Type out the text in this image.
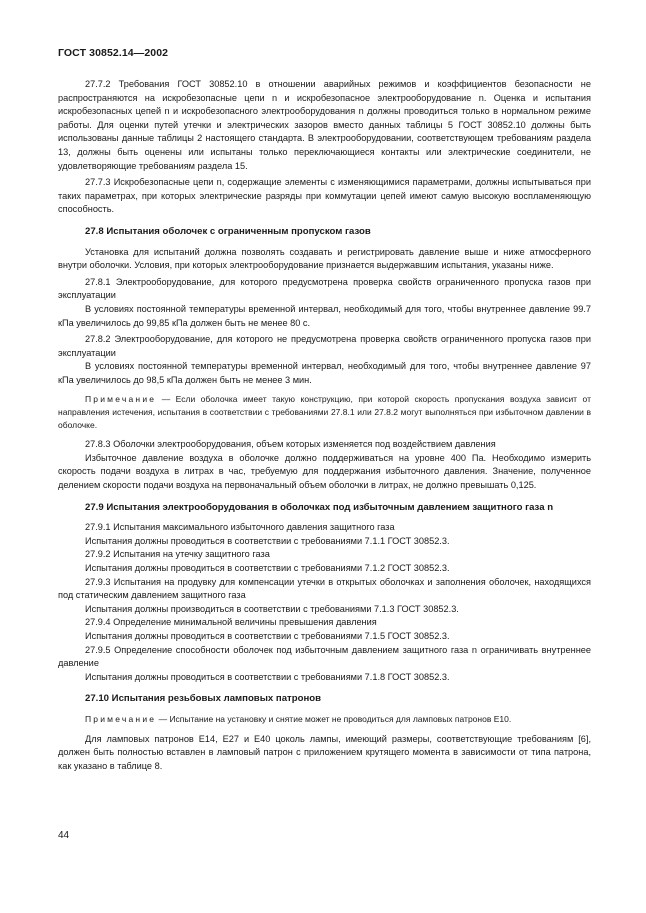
ГОСТ 30852.14—2002

27.7.2 Требования ГОСТ 30852.10 в отношении аварийных режимов и коэффициентов безопасности не распространяются на искробезопасные цепи n и искробезопасное электрооборудование n. Оценка и испытания искробезопасных цепей n и искробезопасного электрооборудования n должны проводиться только в нормальном режиме работы. Для оценки путей утечки и электрических зазоров вместо данных таблицы 5 ГОСТ 30852.10 должны быть использованы данные таблицы 2 настоящего стандарта. В электрооборудовании, соответствующем требованиям раздела 13, должны быть оценены или испытаны только переключающиеся контакты или электрические соединители, не удовлетворяющие требованиям раздела 15.

27.7.3 Искробезопасные цепи n, содержащие элементы с изменяющимися параметрами, должны испытываться при таких параметрах, при которых электрические разряды при коммутации цепей имеют самую высокую воспламеняющую способность.

27.8 Испытания оболочек с ограниченным пропуском газов

Установка для испытаний должна позволять создавать и регистрировать давление выше и ниже атмосферного внутри оболочки. Условия, при которых электрооборудование признается выдержавшим испытания, указаны ниже.

27.8.1 Электрооборудование, для которого предусмотрена проверка свойств ограниченного пропуска газов при эксплуатации

В условиях постоянной температуры временной интервал, необходимый для того, чтобы внутреннее давление 99.7 кПа увеличилось до 99,85 кПа должен быть не менее 80 с.

27.8.2 Электрооборудование, для которого не предусмотрена проверка свойств ограниченного пропуска газов при эксплуатации

В условиях постоянной температуры временной интервал, необходимый для того, чтобы внутреннее давление 97 кПа увеличилось до 98,5 кПа должен быть не менее 3 мин.

Примечание — Если оболочка имеет такую конструкцию, при которой скорость пропускания воздуха зависит от направления истечения, испытания в соответствии с требованиями 27.8.1 или 27.8.2 могут выполняться при избыточном давлении в оболочке.

27.8.3 Оболочки электрооборудования, объем которых изменяется под воздействием давления

Избыточное давление воздуха в оболочке должно поддерживаться на уровне 400 Па. Необходимо измерить скорость подачи воздуха в литрах в час, требуемую для поддержания избыточного давления. Значение, полученное делением скорости подачи воздуха на первоначальный объем оболочки в литрах, не должно превышать 0,125.

27.9 Испытания электрооборудования в оболочках под избыточным давлением защитного газа n

27.9.1 Испытания максимального избыточного давления защитного газа

Испытания должны проводиться в соответствии с требованиями 7.1.1 ГОСТ 30852.3.

27.9.2 Испытания на утечку защитного газа

Испытания должны проводиться в соответствии с требованиями 7.1.2 ГОСТ 30852.3.

27.9.3 Испытания на продувку для компенсации утечки в открытых оболочках и заполнения оболочек, находящихся под статическим давлением защитного газа

Испытания должны производиться в соответствии с требованиями 7.1.3 ГОСТ 30852.3.

27.9.4 Определение минимальной величины превышения давления

Испытания должны проводиться в соответствии с требованиями 7.1.5 ГОСТ 30852.3.

27.9.5 Определение способности оболочек под избыточным давлением защитного газа n ограничивать внутреннее давление

Испытания должны проводиться в соответствии с требованиями 7.1.8 ГОСТ 30852.3.

27.10 Испытания резьбовых ламповых патронов

Примечание — Испытание на установку и снятие может не проводиться для ламповых патронов Е10.

Для ламповых патронов Е14, Е27 и Е40 цоколь лампы, имеющий размеры, соответствующие требованиям [6], должен быть полностью вставлен в ламповый патрон с приложением крутящего момента в зависимости от типа патрона, как указано в таблице 8.

44
